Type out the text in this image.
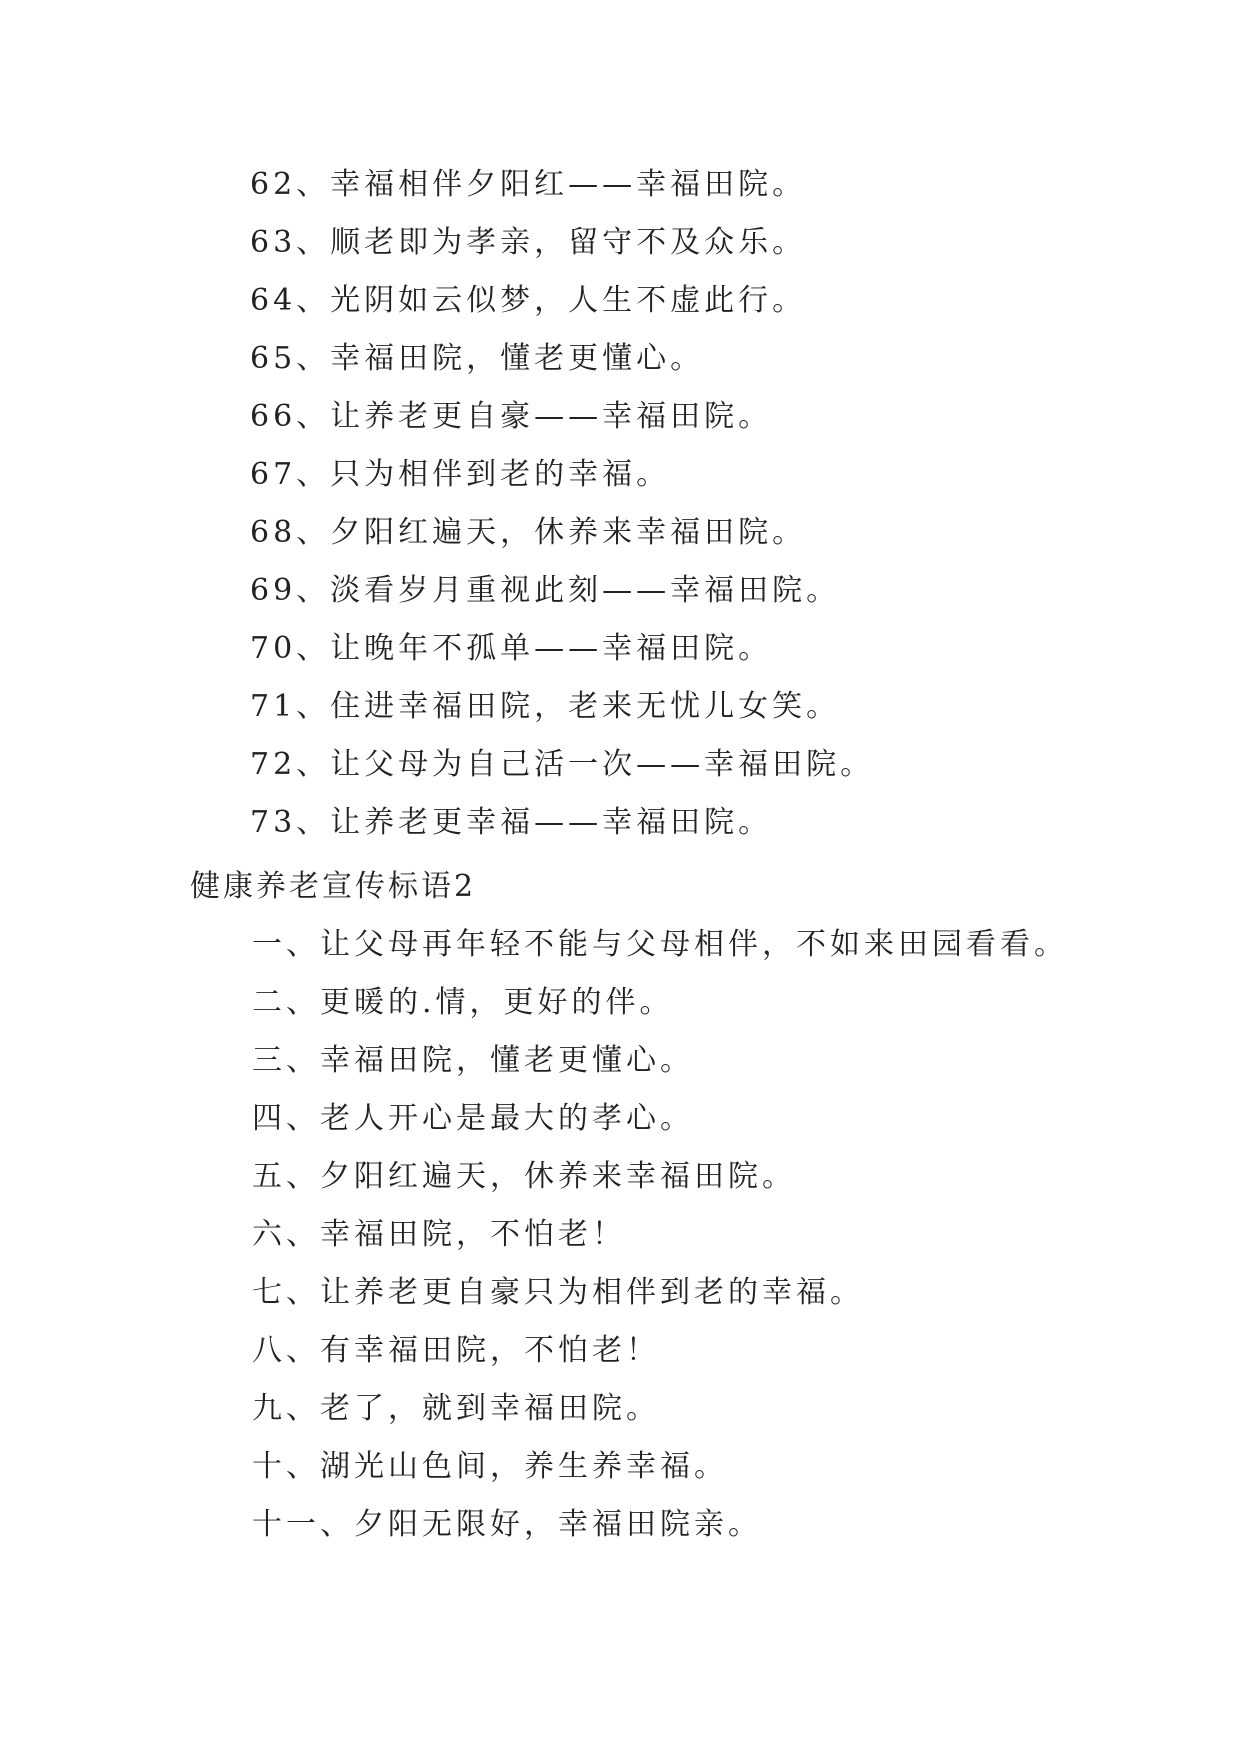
62、幸福相伴夕阳红——幸福田院。
63、顺老即为孝亲，留守不及众乐。
64、光阴如云似梦，人生不虚此行。
65、幸福田院，懂老更懂心。
66、让养老更自豪——幸福田院。
67、只为相伴到老的幸福。
68、夕阳红遍天，休养来幸福田院。
69、淡看岁月重视此刻——幸福田院。
70、让晚年不孤单——幸福田院。
71、住进幸福田院，老来无忧儿女笑。
72、让父母为自己活一次——幸福田院。
73、让养老更幸福——幸福田院。
健康养老宣传标语2
一、让父母再年轻不能与父母相伴，不如来田园看看。
二、更暖的.情，更好的伴。
三、幸福田院，懂老更懂心。
四、老人开心是最大的孝心。
五、夕阳红遍天，休养来幸福田院。
六、幸福田院，不怕老！
七、让养老更自豪只为相伴到老的幸福。
八、有幸福田院，不怕老！
九、老了，就到幸福田院。
十、湖光山色间，养生养幸福。
十一、夕阳无限好，幸福田院亲。
